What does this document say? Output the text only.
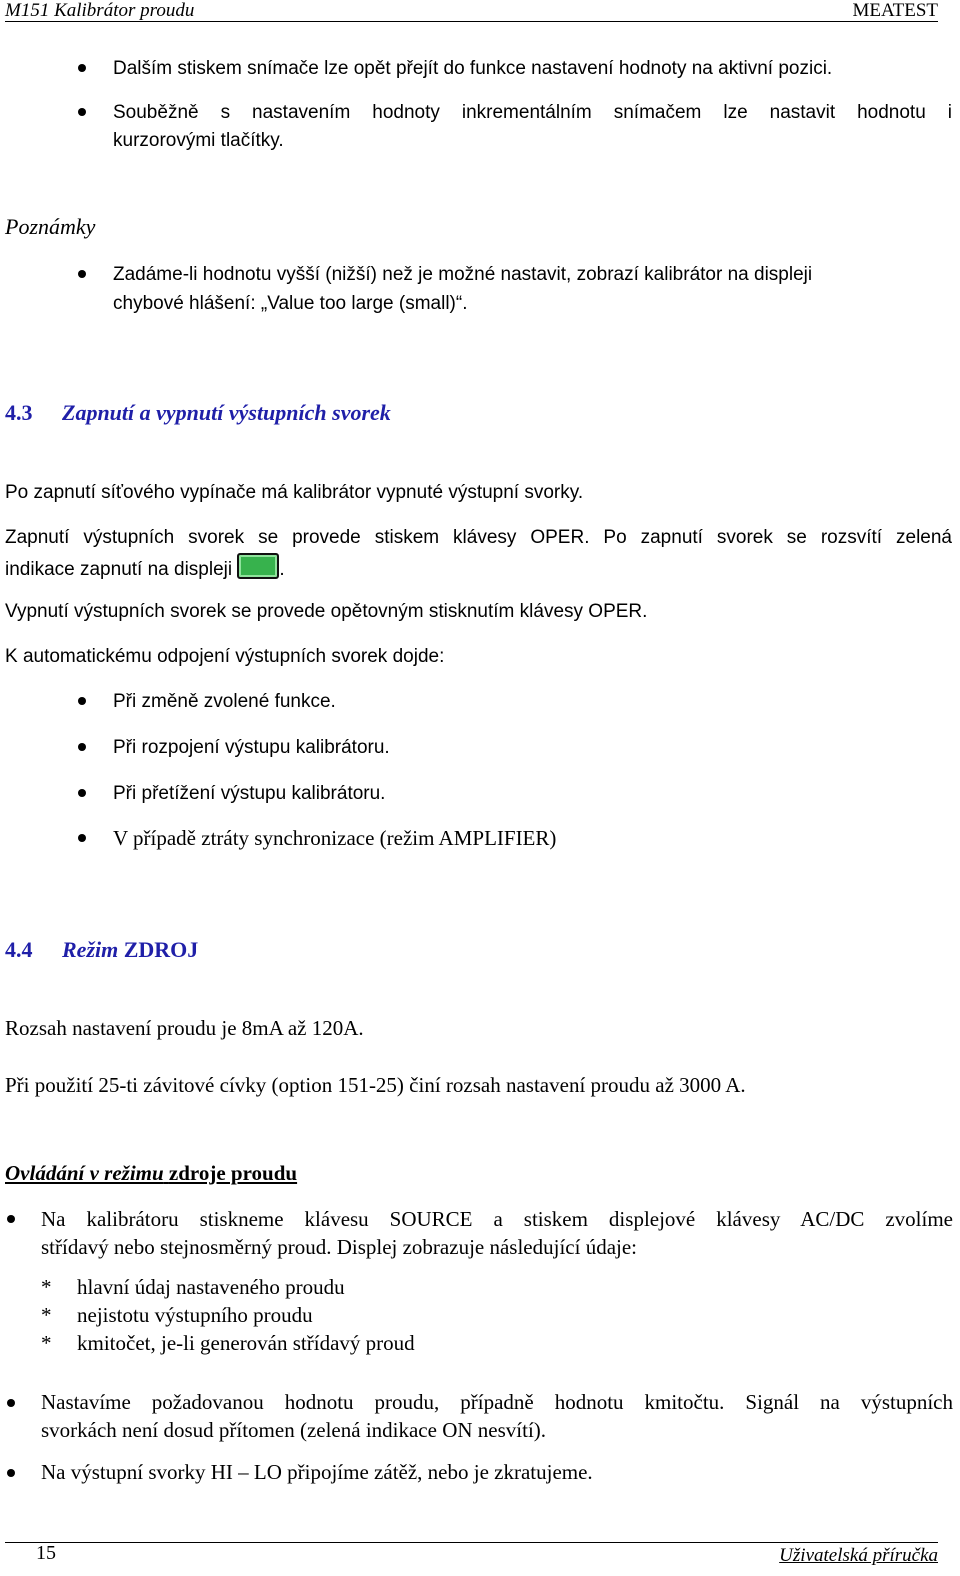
M151 Kalibrátor proudu	MEATEST
Dalším stiskem snímače lze opět přejít do funkce nastavení hodnoty na aktivní pozici.
Souběžně s nastavením hodnoty inkrementálním snímačem lze nastavit hodnotu i
kurzorovými tlačítky.
Poznámky
Zadáme-li hodnotu vyšší (nižší) než je možné nastavit, zobrazí kalibrátor na displeji
chybové hlášení: „Value too large (small)“.
4.3 Zapnutí a vypnutí výstupních svorek
Po zapnutí síťového vypínače má kalibrátor vypnuté výstupní svorky.
Zapnutí výstupních svorek se provede stiskem klávesy OPER. Po zapnutí svorek se rozsvítí zelená
indikace zapnutí na displeji .
Vypnutí výstupních svorek se provede opětovným stisknutím klávesy OPER.
K automatickému odpojení výstupních svorek dojde:
Při změně zvolené funkce.
Při rozpojení výstupu kalibrátoru.
Při přetížení výstupu kalibrátoru.
V případě ztráty synchronizace (režim AMPLIFIER)
4.4 Režim ZDROJ
Rozsah nastavení proudu je 8mA až 120A.
Při použití 25-ti závitové cívky (option 151-25) činí rozsah nastavení proudu až 3000 A.
Ovládání v režimu zdroje proudu
Na kalibrátoru stiskneme klávesu SOURCE a stiskem displejové klávesy AC/DC zvolíme
střídavý nebo stejnosměrný proud. Displej zobrazuje následující údaje:
*	hlavní údaj nastaveného proudu
*	nejistotu výstupního proudu
*	kmitočet, je-li generován střídavý proud
Nastavíme požadovanou hodnotu proudu, případně hodnotu kmitočtu. Signál na výstupních
svorkách není dosud přítomen (zelená indikace ON nesvítí).
Na výstupní svorky HI – LO připojíme zátěž, nebo je zkratujeme.
15	Uživatelská příručka
